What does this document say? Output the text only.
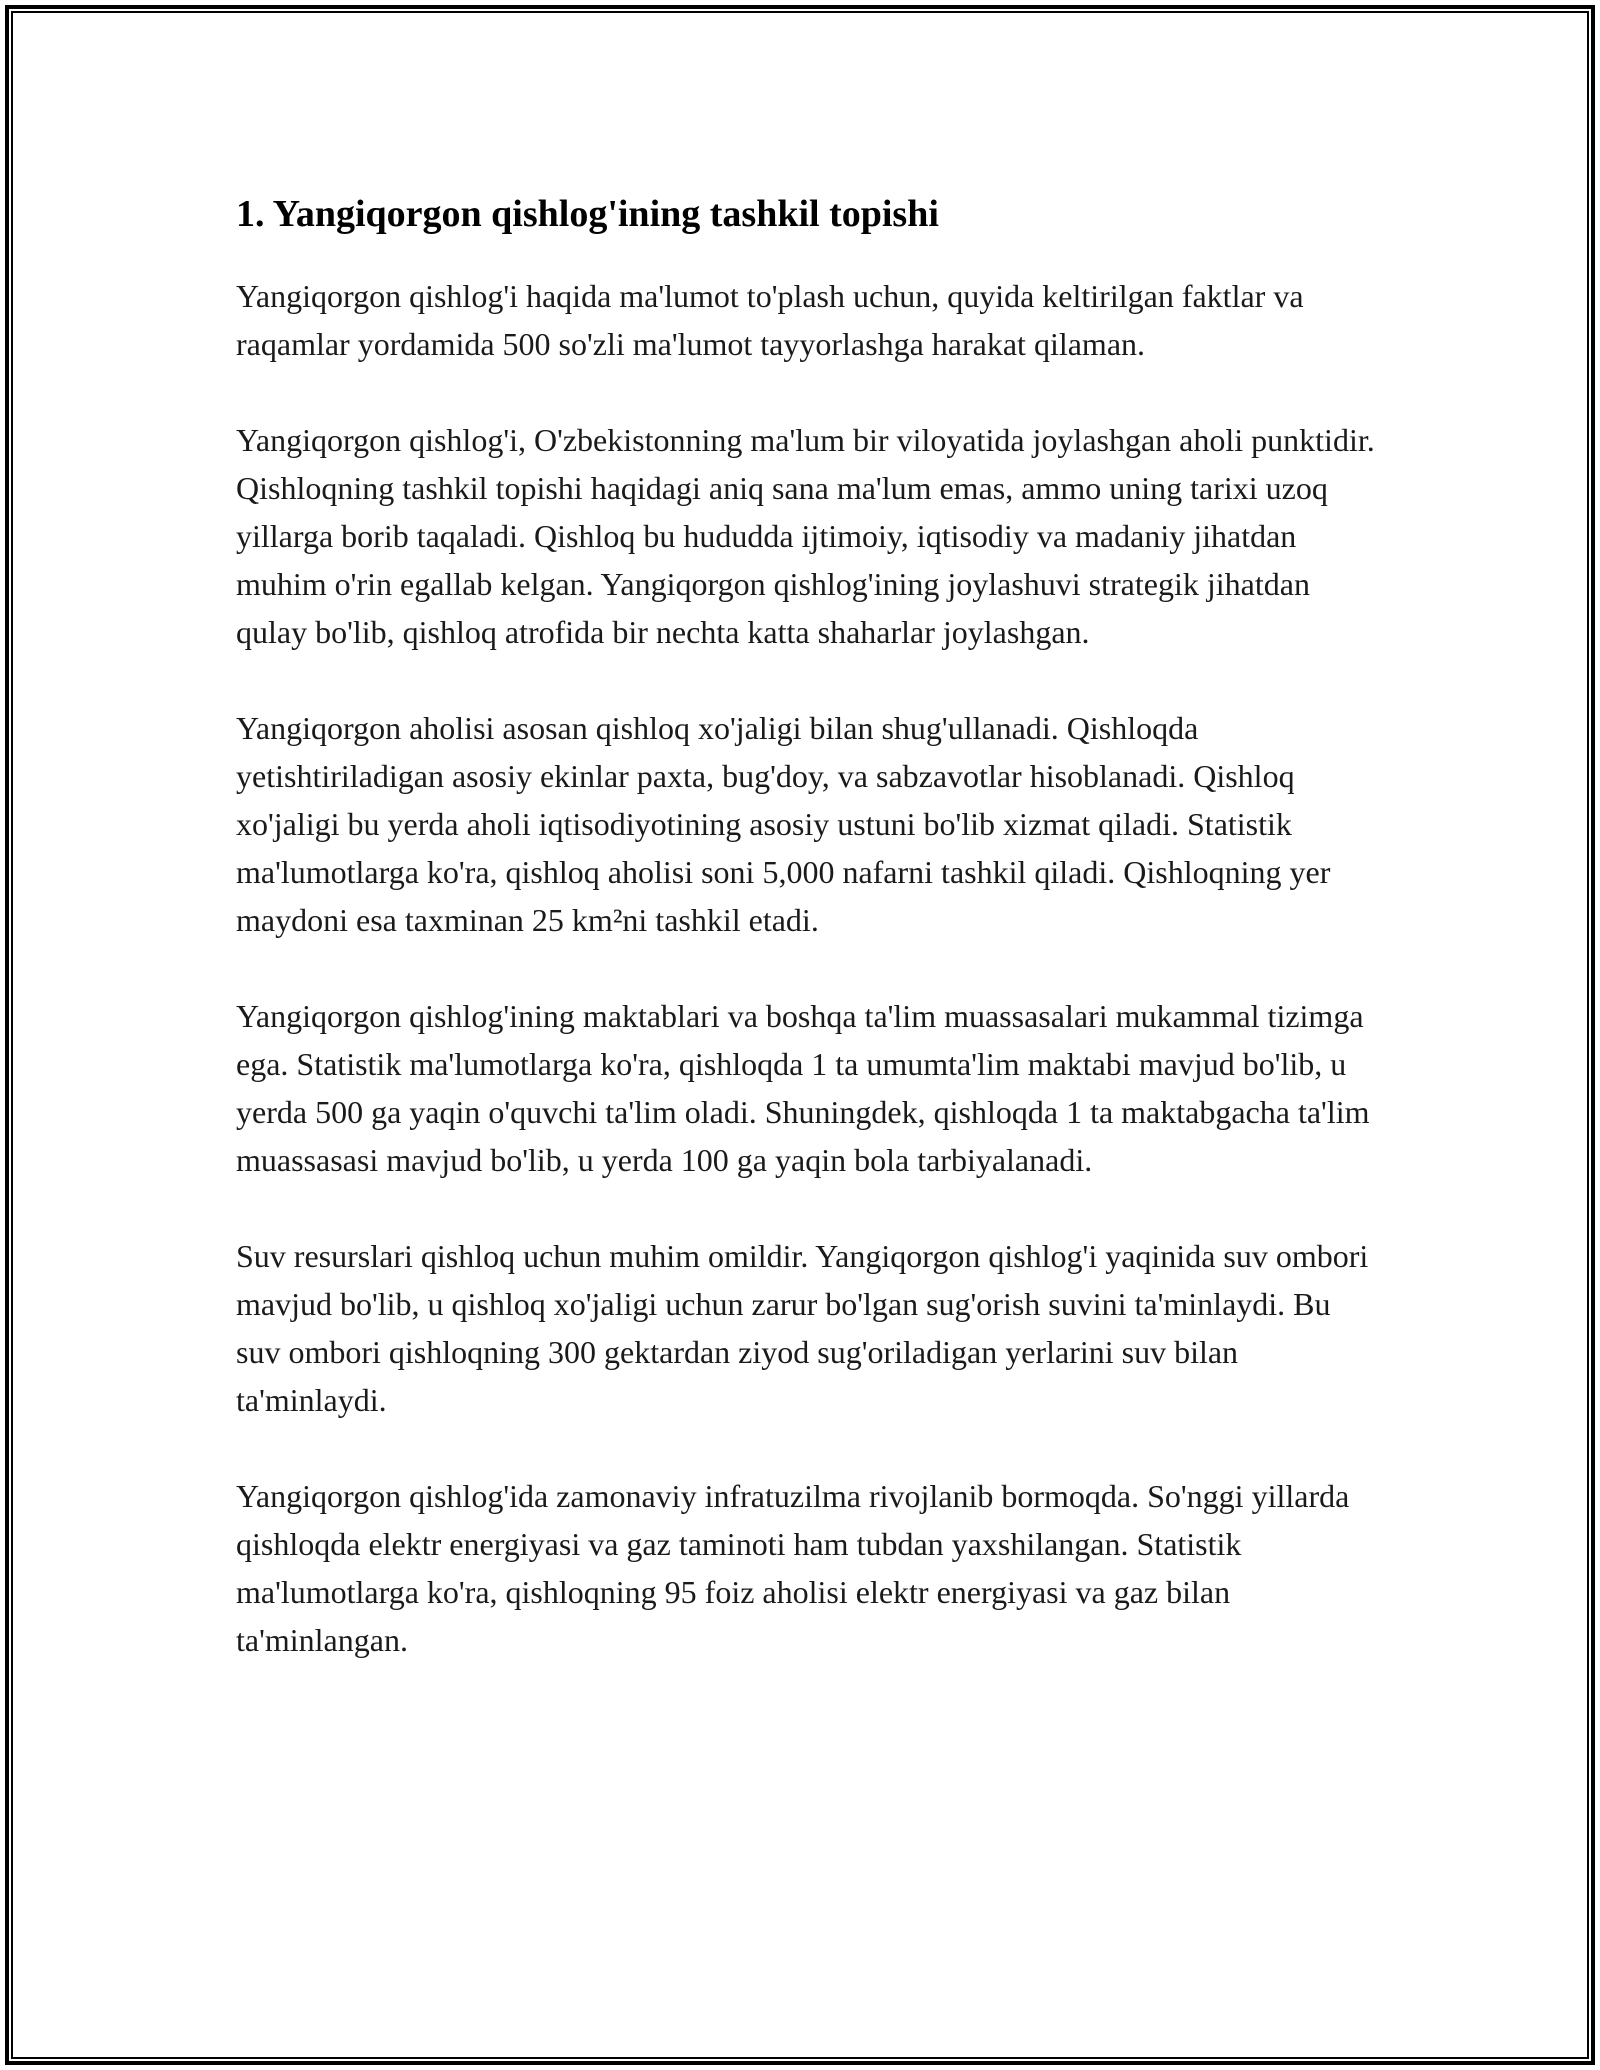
1. Yangiqorgon qishlog'ining tashkil topishi

Yangiqorgon qishlog'i haqida ma'lumot to'plash uchun, quyida keltirilgan faktlar va raqamlar yordamida 500 so'zli ma'lumot tayyorlashga harakat qilaman.

Yangiqorgon qishlog'i, O'zbekistonning ma'lum bir viloyatida joylashgan aholi punktidir. Qishloqning tashkil topishi haqidagi aniq sana ma'lum emas, ammo uning tarixi uzoq yillarga borib taqaladi. Qishloq bu hududda ijtimoiy, iqtisodiy va madaniy jihatdan muhim o'rin egallab kelgan. Yangiqorgon qishlog'ining joylashuvi strategik jihatdan qulay bo'lib, qishloq atrofida bir nechta katta shaharlar joylashgan.

Yangiqorgon aholisi asosan qishloq xo'jaligi bilan shug'ullanadi. Qishloqda yetishtiriladigan asosiy ekinlar paxta, bug'doy, va sabzavotlar hisoblanadi. Qishloq xo'jaligi bu yerda aholi iqtisodiyotining asosiy ustuni bo'lib xizmat qiladi. Statistik ma'lumotlarga ko'ra, qishloq aholisi soni 5,000 nafarni tashkil qiladi. Qishloqning yer maydoni esa taxminan 25 km²ni tashkil etadi.

Yangiqorgon qishlog'ining maktablari va boshqa ta'lim muassasalari mukammal tizimga ega. Statistik ma'lumotlarga ko'ra, qishloqda 1 ta umumta'lim maktabi mavjud bo'lib, u yerda 500 ga yaqin o'quvchi ta'lim oladi. Shuningdek, qishloqda 1 ta maktabgacha ta'lim muassasasi mavjud bo'lib, u yerda 100 ga yaqin bola tarbiyalanadi.

Suv resurslari qishloq uchun muhim omildir. Yangiqorgon qishlog'i yaqinida suv ombori mavjud bo'lib, u qishloq xo'jaligi uchun zarur bo'lgan sug'orish suvini ta'minlaydi. Bu suv ombori qishloqning 300 gektardan ziyod sug'oriladigan yerlarini suv bilan ta'minlaydi.

Yangiqorgon qishlog'ida zamonaviy infratuzilma rivojlanib bormoqda. So'nggi yillarda qishloqda elektr energiyasi va gaz taminoti ham tubdan yaxshilangan. Statistik ma'lumotlarga ko'ra, qishloqning 95 foiz aholisi elektr energiyasi va gaz bilan ta'minlangan.
